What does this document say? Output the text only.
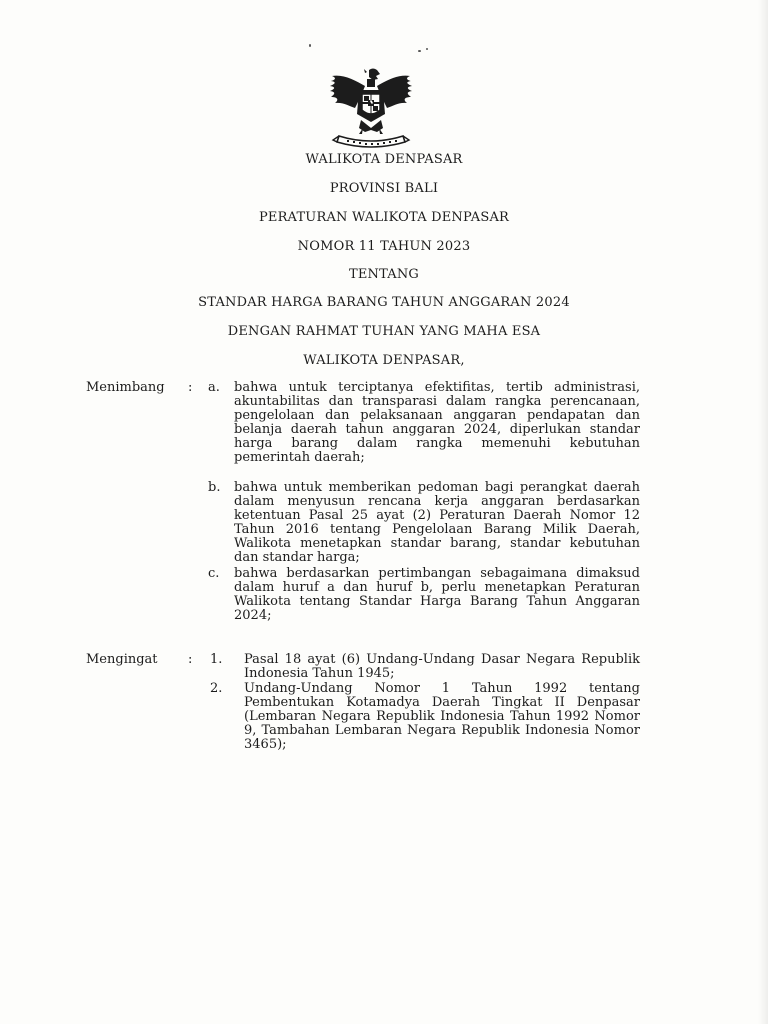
WALIKOTA DENPASAR
PROVINSI BALI
PERATURAN WALIKOTA DENPASAR
NOMOR 11 TAHUN 2023
TENTANG
STANDAR HARGA BARANG TAHUN ANGGARAN 2024
DENGAN RAHMAT TUHAN YANG MAHA ESA
WALIKOTA DENPASAR,
Menimbang : a. bahwa untuk terciptanya efektifitas, tertib administrasi, akuntabilitas dan transparasi dalam rangka perencanaan, pengelolaan dan pelaksanaan anggaran pendapatan dan belanja daerah tahun anggaran 2024, diperlukan standar harga barang dalam rangka memenuhi kebutuhan pemerintah daerah;

b. bahwa untuk memberikan pedoman bagi perangkat daerah dalam menyusun rencana kerja anggaran berdasarkan ketentuan Pasal 25 ayat (2) Peraturan Daerah Nomor 12 Tahun 2016 tentang Pengelolaan Barang Milik Daerah, Walikota menetapkan standar barang, standar kebutuhan dan standar harga;

c. bahwa berdasarkan pertimbangan sebagaimana dimaksud dalam huruf a dan huruf b, perlu menetapkan Peraturan Walikota tentang Standar Harga Barang Tahun Anggaran 2024;

Mengingat : 1. Pasal 18 ayat (6) Undang-Undang Dasar Negara Republik Indonesia Tahun 1945;

2. Undang-Undang Nomor 1 Tahun 1992 tentang Pembentukan Kotamadya Daerah Tingkat II Denpasar (Lembaran Negara Republik Indonesia Tahun 1992 Nomor 9, Tambahan Lembaran Negara Republik Indonesia Nomor 3465);
